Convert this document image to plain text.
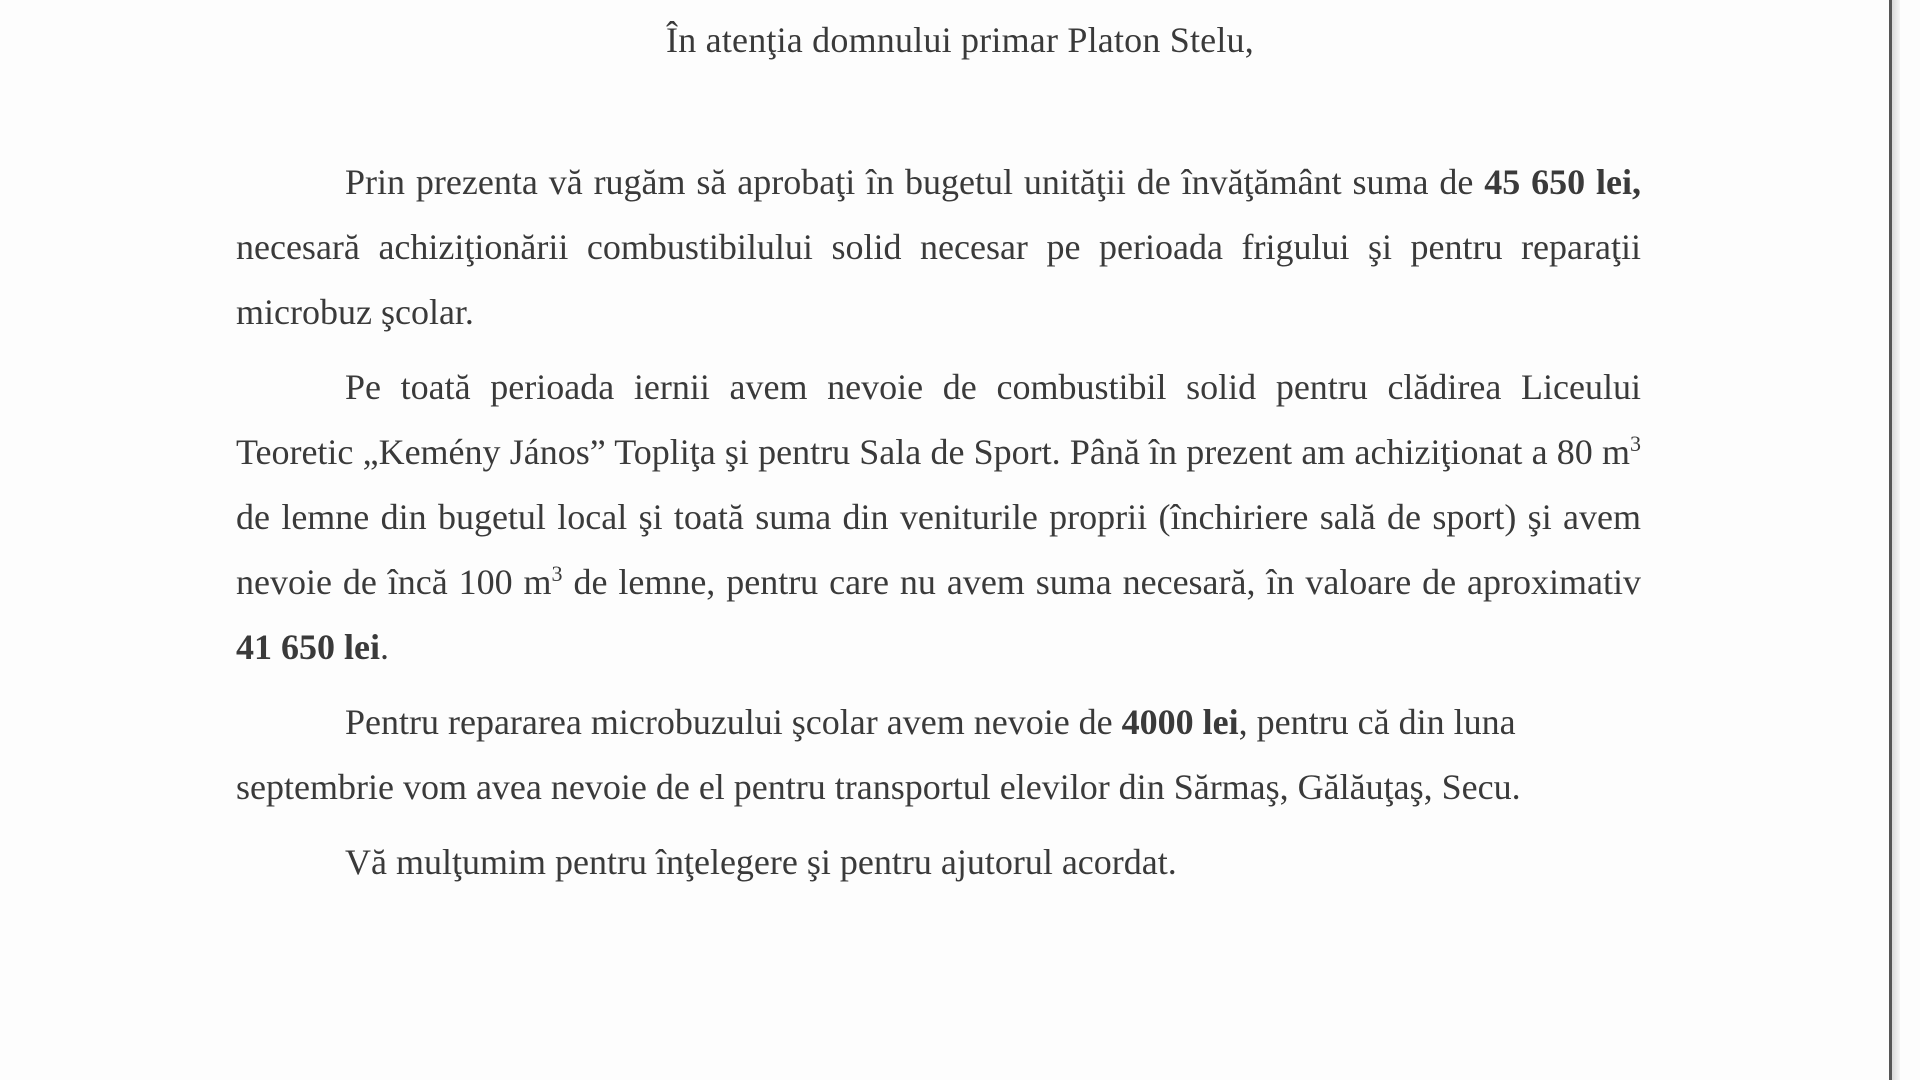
În atenţia domnului primar Platon Stelu,

Prin prezenta vă rugăm să aprobaţi în bugetul unităţii de învăţământ suma de 45 650 lei, necesară achiziţionării combustibilului solid necesar pe perioada frigului şi pentru reparaţii microbuz şcolar.

Pe toată perioada iernii avem nevoie de combustibil solid pentru clădirea Liceului Teoretic „Kemény János” Topliţa şi pentru Sala de Sport. Până în prezent am achiziţionat a 80 $m^3$ de lemne din bugetul local şi toată suma din veniturile proprii (închiriere sală de sport) şi avem nevoie de încă 100 $m^3$ de lemne, pentru care nu avem suma necesară, în valoare de aproximativ 41 650 lei.

Pentru repararea microbuzului şcolar avem nevoie de 4000 lei, pentru că din luna septembrie vom avea nevoie de el pentru transportul elevilor din Sărmaş, Gălăuţaş, Secu.

Vă mulţumim pentru înţelegere şi pentru ajutorul acordat.
